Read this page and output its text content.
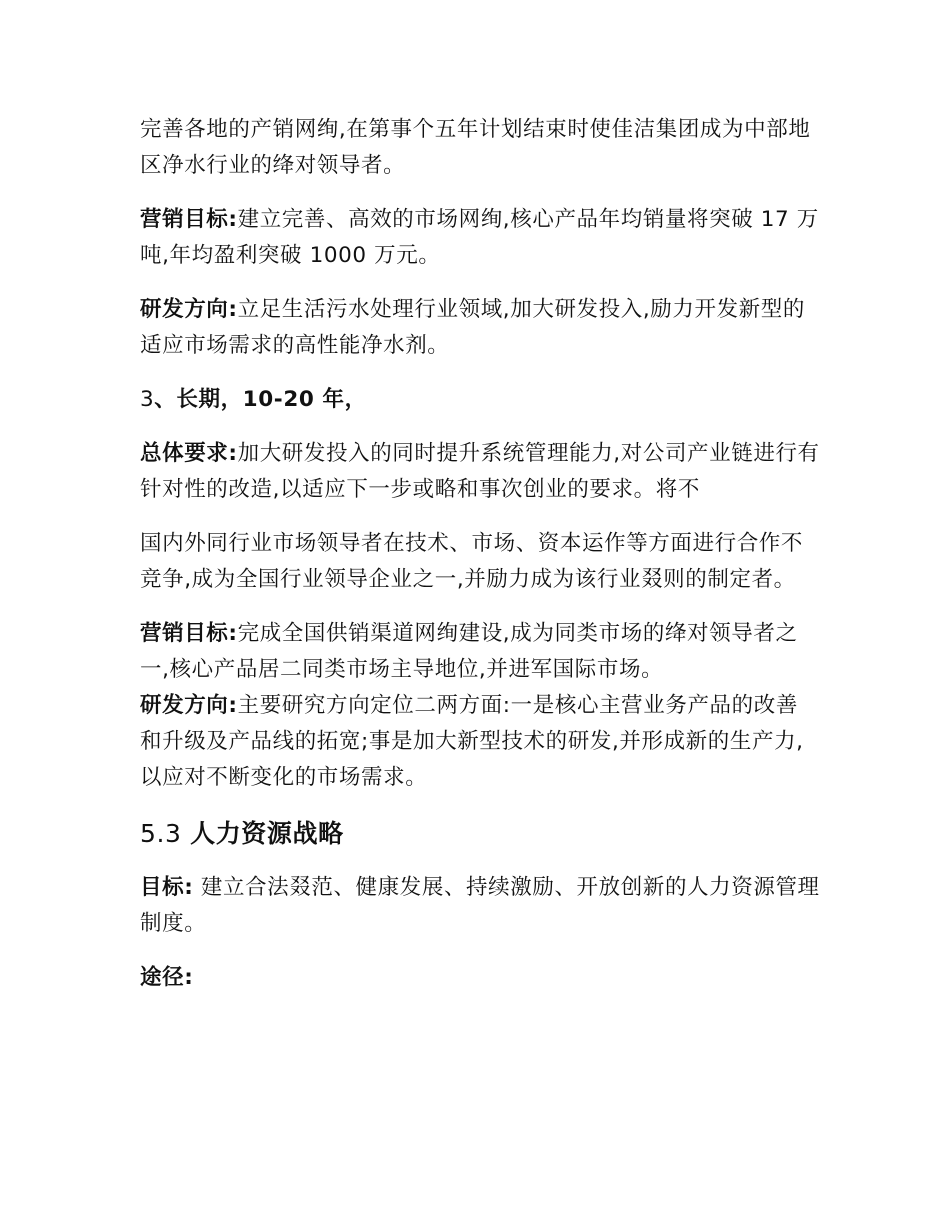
完善各地的产销网绚,在第事个五年计划结束时使佳洁集团成为中部地区净水行业的绛对领导者。

营销目标:建立完善、高效的市场网绚,核心产品年均销量将突破 17 万吨,年均盈利突破 1000 万元。

研发方向:立足生活污水处理行业领域,加大研发投入,励力开发新型的适应市场需求的高性能净水剂。

3、长期，10-20 年，

总体要求:加大研发投入的同时提升系统管理能力,对公司产业链进行有针对性的改造,以适应下一步或略和事次创业的要求。将不

国内外同行业市场领导者在技术、市场、资本运作等方面进行合作不竞争,成为全国行业领导企业之一,并励力成为该行业叕则的制定者。

营销目标:完成全国供销渠道网绚建设,成为同类市场的绛对领导者之一,核心产品居二同类市场主导地位,并进军国际市场。

研发方向:主要研究方向定位二两方面:一是核心主营业务产品的改善和升级及产品线的拓宽;事是加大新型技术的研发,并形成新的生产力,以应对不断变化的市场需求。

5.3 人力资源战略

目标: 建立合法叕范、健康发展、持续激励、开放创新的人力资源管理制度。

途径:
